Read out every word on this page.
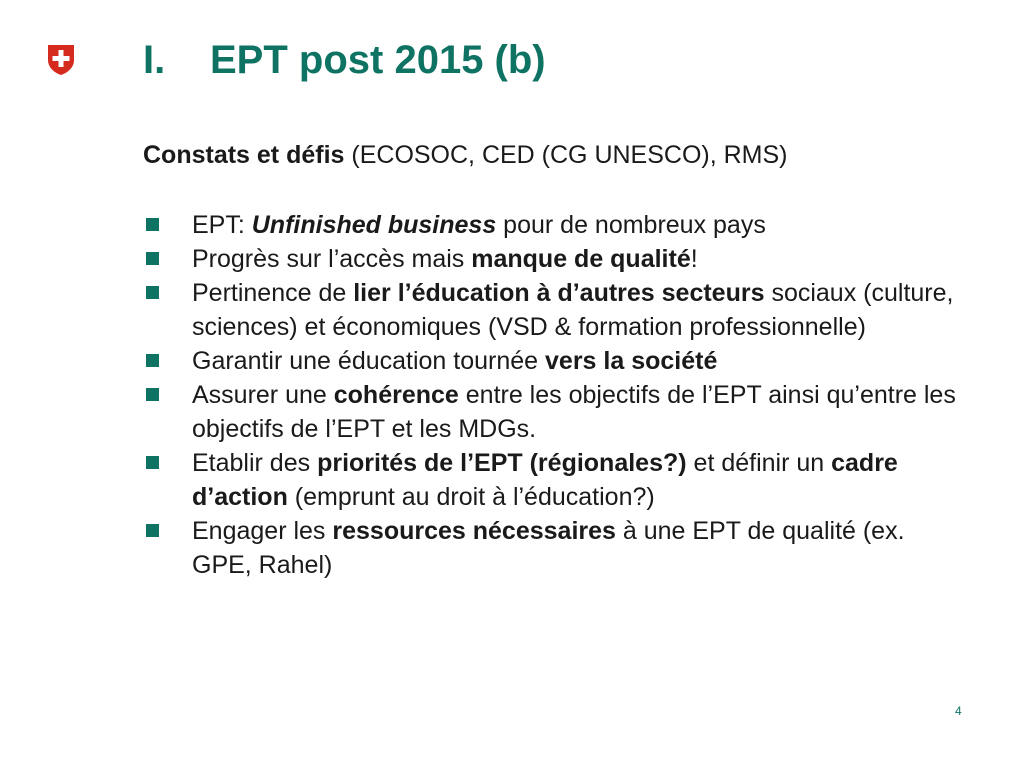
I. EPT post 2015 (b)

Constats et défis (ECOSOC, CED (CG UNESCO), RMS)

EPT: Unfinished business pour de nombreux pays
Progrès sur l’accès mais manque de qualité!
Pertinence de lier l’éducation à d’autres secteurs sociaux (culture, sciences) et économiques (VSD & formation professionnelle)
Garantir une éducation tournée vers la société
Assurer une cohérence entre les objectifs de l’EPT ainsi qu’entre les objectifs de l’EPT et les MDGs.
Etablir des priorités de l’EPT (régionales?) et définir un cadre d’action (emprunt au droit à l’éducation?)
Engager les ressources nécessaires à une EPT de qualité (ex. GPE, Rahel)
4
